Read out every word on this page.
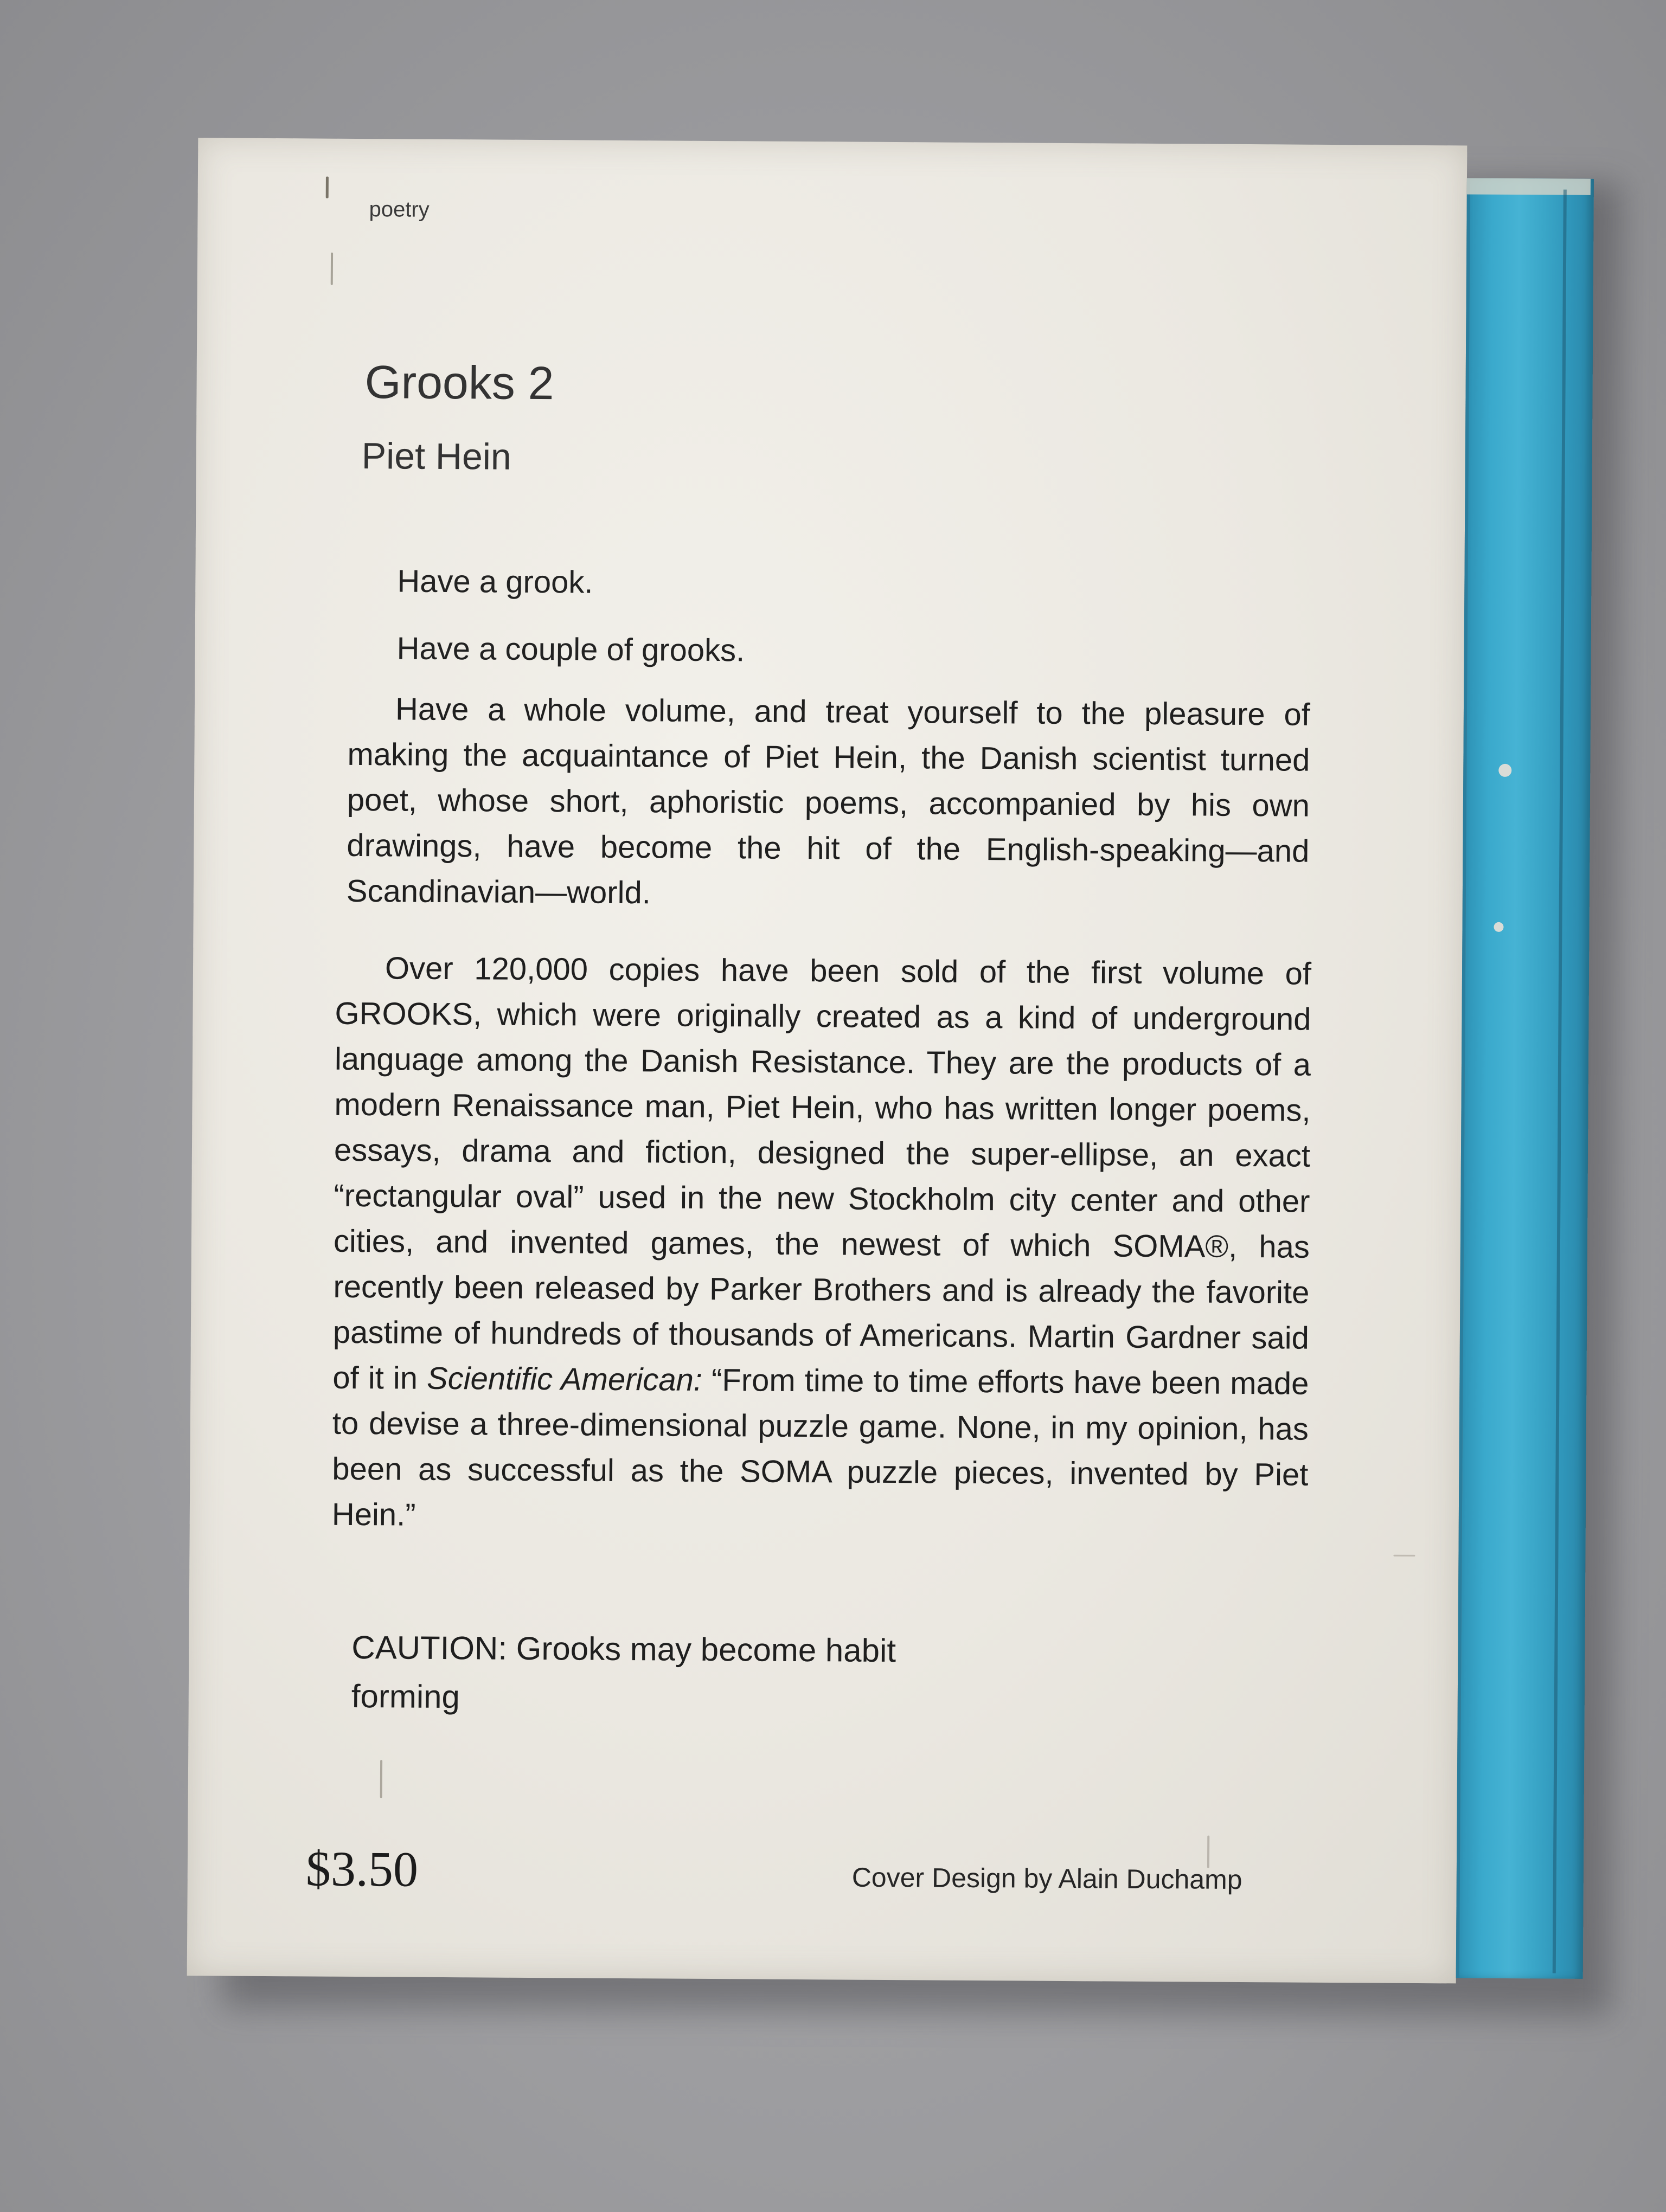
poetry

Grooks 2

Piet Hein

Have a grook.

Have a couple of grooks.

Have a whole volume, and treat yourself to the pleasure of making the acquaintance of Piet Hein, the Danish scientist turned poet, whose short, aphoristic poems, accompanied by his own drawings, have become the hit of the English-speaking—and Scandinavian—world.

Over 120,000 copies have been sold of the first volume of GROOKS, which were originally created as a kind of underground language among the Danish Resistance. They are the products of a modern Renaissance man, Piet Hein, who has written longer poems, essays, drama and fiction, designed the super-ellipse, an exact “rectangular oval” used in the new Stockholm city center and other cities, and invented games, the newest of which SOMA®, has recently been released by Parker Brothers and is already the favorite pastime of hundreds of thousands of Americans. Martin Gardner said of it in Scientific American: “From time to time efforts have been made to devise a three-dimensional puzzle game. None, in my opinion, has been as successful as the SOMA puzzle pieces, invented by Piet Hein.”

CAUTION: Grooks may become habit forming

$3.50	Cover Design by Alain Duchamp
